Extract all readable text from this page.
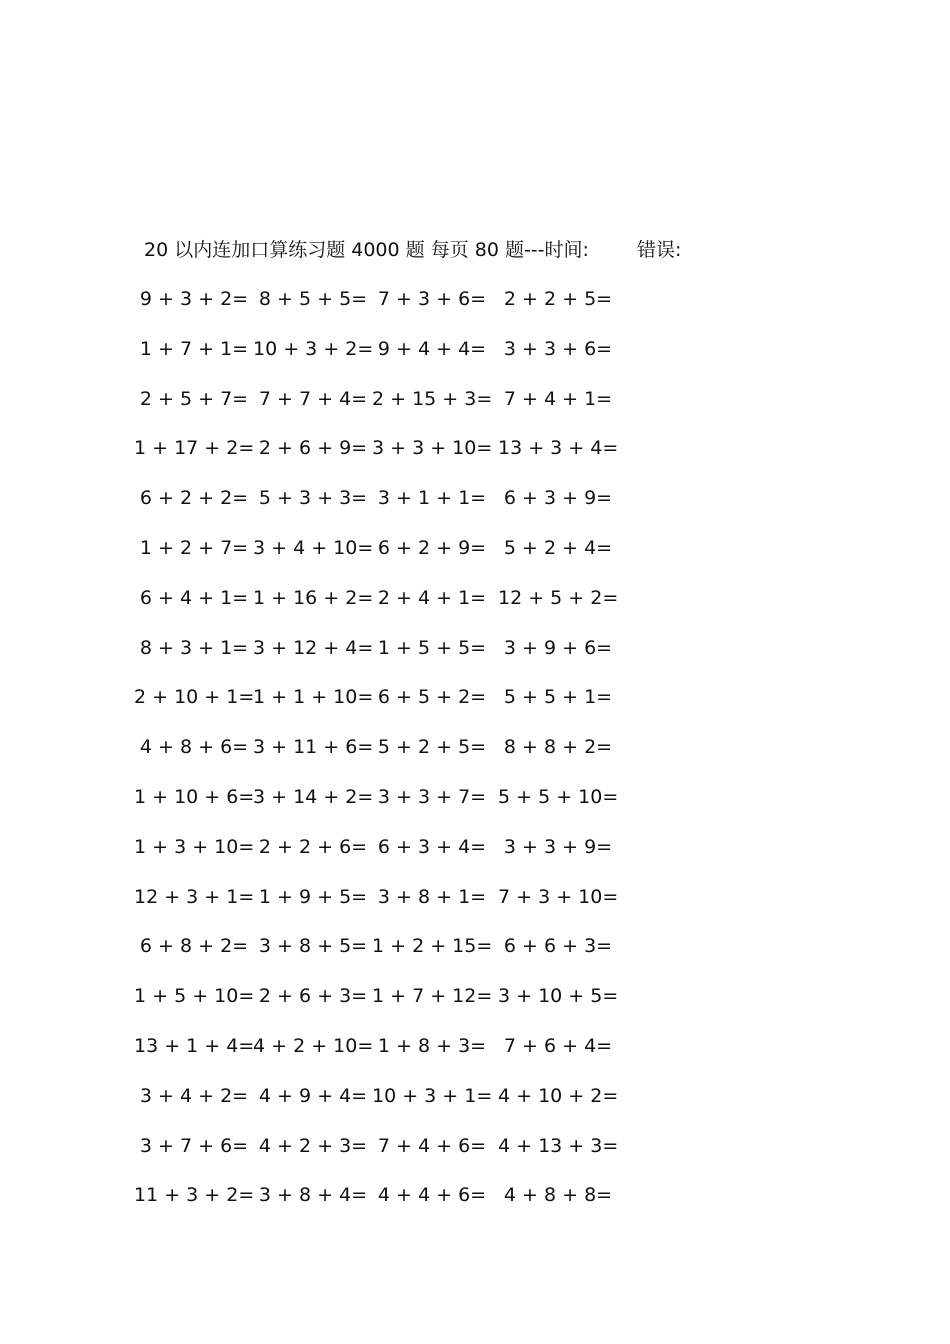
20 以内连加口算练习题 4000 题 每页 80 题---时间:	错误:
9 + 3 + 2= 8 + 5 + 5= 7 + 3 + 6= 2 + 2 + 5=
1 + 7 + 1= 10 + 3 + 2= 9 + 4 + 4= 3 + 3 + 6=
2 + 5 + 7= 7 + 7 + 4= 2 + 15 + 3= 7 + 4 + 1=
1 + 17 + 2= 2 + 6 + 9= 3 + 3 + 10= 13 + 3 + 4=
6 + 2 + 2= 5 + 3 + 3= 3 + 1 + 1= 6 + 3 + 9=
1 + 2 + 7= 3 + 4 + 10= 6 + 2 + 9= 5 + 2 + 4=
6 + 4 + 1= 1 + 16 + 2= 2 + 4 + 1= 12 + 5 + 2=
8 + 3 + 1= 3 + 12 + 4= 1 + 5 + 5= 3 + 9 + 6=
2 + 10 + 1=
1 + 1 + 10= 6 + 5 + 2= 5 + 5 + 1=
4 + 8 + 6= 3 + 11 + 6= 5 + 2 + 5= 8 + 8 + 2=
1 + 10 + 6=
3 + 14 + 2= 3 + 3 + 7= 5 + 5 + 10=
1 + 3 + 10= 2 + 2 + 6= 6 + 3 + 4= 3 + 3 + 9=
12 + 3 + 1= 1 + 9 + 5= 3 + 8 + 1= 7 + 3 + 10=
6 + 8 + 2= 3 + 8 + 5= 1 + 2 + 15= 6 + 6 + 3=
1 + 5 + 10= 2 + 6 + 3= 1 + 7 + 12= 3 + 10 + 5=
13 + 1 + 4=
4 + 2 + 10= 1 + 8 + 3= 7 + 6 + 4=
3 + 4 + 2= 4 + 9 + 4= 10 + 3 + 1= 4 + 10 + 2=
3 + 7 + 6= 4 + 2 + 3= 7 + 4 + 6= 4 + 13 + 3=
11 + 3 + 2= 3 + 8 + 4= 4 + 4 + 6= 4 + 8 + 8=
